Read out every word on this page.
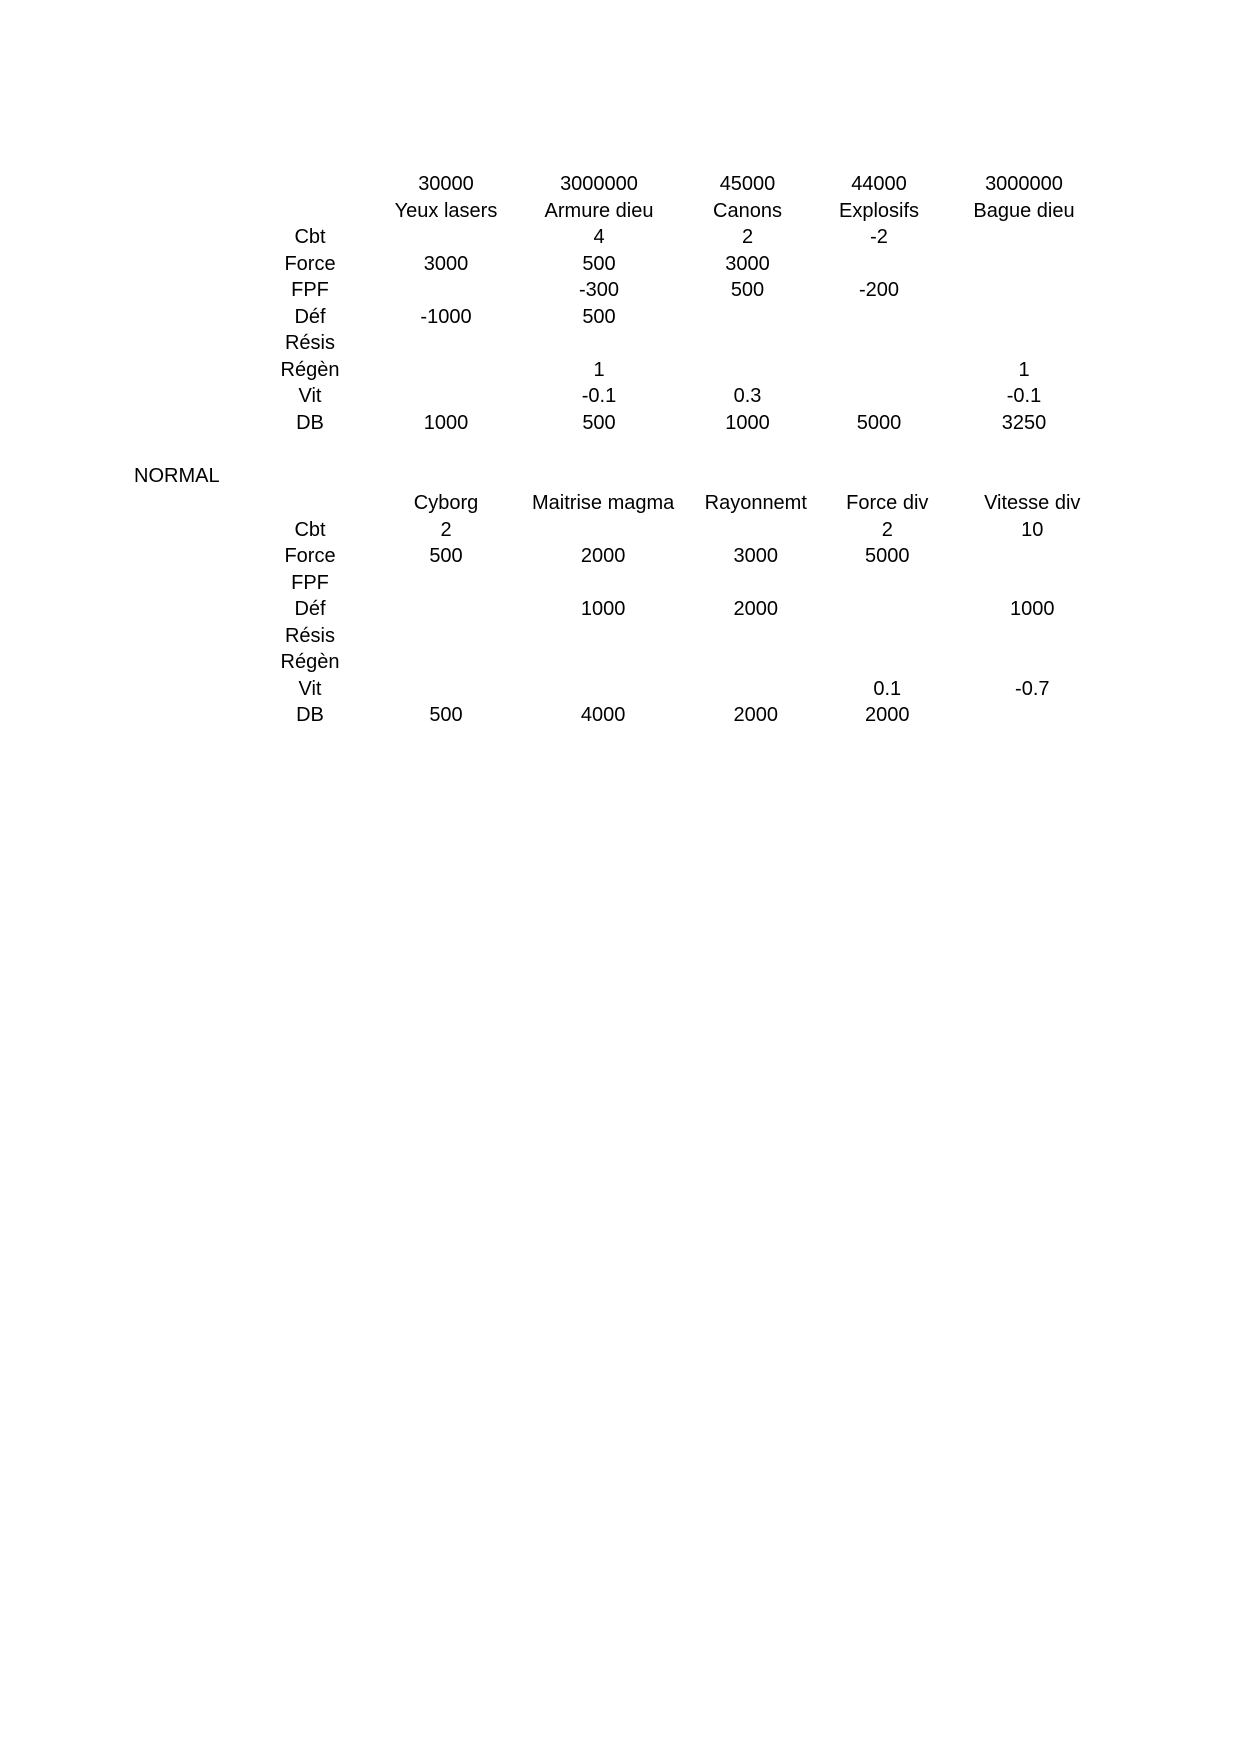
	30000	3000000	45000	44000	3000000
	Yeux lasers	Armure dieu	Canons	Explosifs	Bague dieu
Cbt		4	2	-2	
Force	3000	500	3000		
FPF		-300	500	-200	
Déf	-1000	500			
Résis					
Régèn		1			1
Vit		-0.1	0.3		-0.1
DB	1000	500	1000	5000	3250
NORMAL
	Cyborg	Maitrise magma	Rayonnemt	Force div	Vitesse div
Cbt	2			2	10
Force	500	2000	3000	5000	
FPF					
Déf		1000	2000		1000
Résis					
Régèn					
Vit				0.1	-0.7
DB	500	4000	2000	2000	
